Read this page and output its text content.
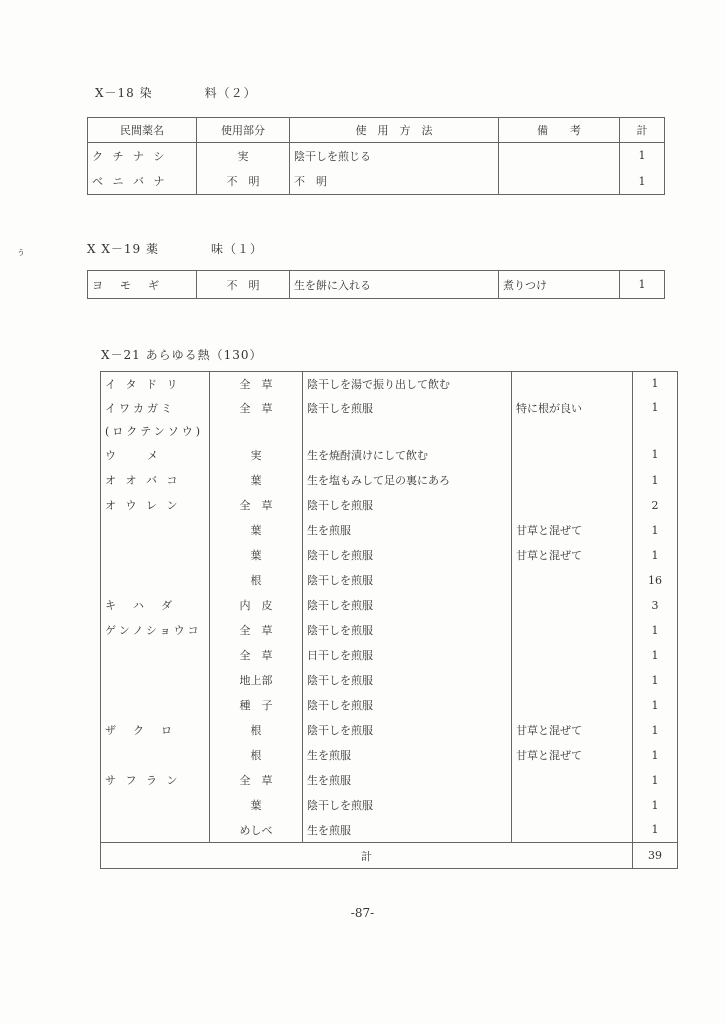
ぅ
X－18 染　　　　料（２）
民間薬名	使用部分	使　用　方　法	備　　考	計
ク チ ナ シ	実	陰干しを煎じる		1
ベ ニ バ ナ	不　明	不　明		1
X X－19 薬　　　　味（１）
ヨ　モ　ギ	不　明	生を餅に入れる	煮りつけ	1
X－21 あらゆる熱（130）
イ タ ド リ	全　草	陰干しを湯で振り出して飲む		1
イワカガミ	全　草	陰干しを煎服	特に根が良い	1
(ロクテンソウ)				
ウ　　メ	実	生を焼酎漬けにして飲む		1
オ オ バ コ	葉	生を塩もみして足の裏にあろ		1
オ ウ レ ン	全　草	陰干しを煎服		2
	葉	生を煎服	甘草と混ぜて	1
	葉	陰干しを煎服	甘草と混ぜて	1
	根	陰干しを煎服		16
キ　ハ　ダ	内　皮	陰干しを煎服		3
ゲンノショウコ	全　草	陰干しを煎服		1
	全　草	日干しを煎服		1
	地上部	陰干しを煎服		1
	種　子	陰干しを煎服		1
ザ　ク　ロ	根	陰干しを煎服	甘草と混ぜて	1
	根	生を煎服	甘草と混ぜて	1
サ フ ラ ン	全　草	生を煎服		1
	葉	陰干しを煎服		1
	めしべ	生を煎服		1
計				39
-87-
